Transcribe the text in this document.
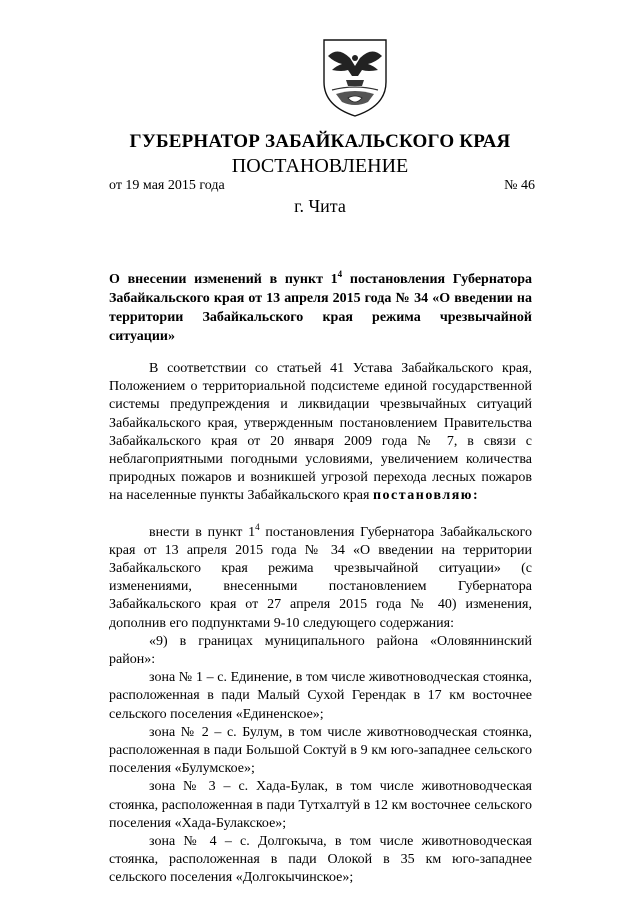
ГУБЕРНАТОР ЗАБАЙКАЛЬСКОГО КРАЯ
ПОСТАНОВЛЕНИЕ
от 19 мая 2015 года	№ 46
г. Чита
О внесении изменений в пункт $1^4$ постановления Губернатора Забайкальского края от 13 апреля 2015 года № 34 «О введении на территории Забайкальского края режима чрезвычайной ситуации»

В соответствии со статьей 41 Устава Забайкальского края, Положением о территориальной подсистеме единой государственной системы предупреждения и ликвидации чрезвычайных ситуаций Забайкальского края, утвержденным постановлением Правительства Забайкальского края от 20 января 2009 года № 7, в связи с неблагоприятными погодными условиями, увеличением количества природных пожаров и возникшей угрозой перехода лесных пожаров на населенные пункты Забайкальского края постановляю:

внести в пункт $1^4$ постановления Губернатора Забайкальского края от 13 апреля 2015 года № 34 «О введении на территории Забайкальского края режима чрезвычайной ситуации» (с изменениями, внесенными постановлением Губернатора Забайкальского края от 27 апреля 2015 года № 40) изменения, дополнив его подпунктами 9-10 следующего содержания:

«9) в границах муниципального района «Оловяннинский район»:

зона № 1 – с. Единение, в том числе животноводческая стоянка, расположенная в пади Малый Сухой Герендак в 17 км восточнее сельского поселения «Единенское»;

зона № 2 – с. Булум, в том числе животноводческая стоянка, расположенная в пади Большой Соктуй в 9 км юго-западнее сельского поселения «Булумское»;

зона № 3 – с. Хада-Булак, в том числе животноводческая стоянка, расположенная в пади Тутхалтуй в 12 км восточнее сельского поселения «Хада-Булакское»;

зона № 4 – с. Долгокыча, в том числе животноводческая стоянка, расположенная в пади Олокой в 35 км юго-западнее сельского поселения «Долгокычинское»;
